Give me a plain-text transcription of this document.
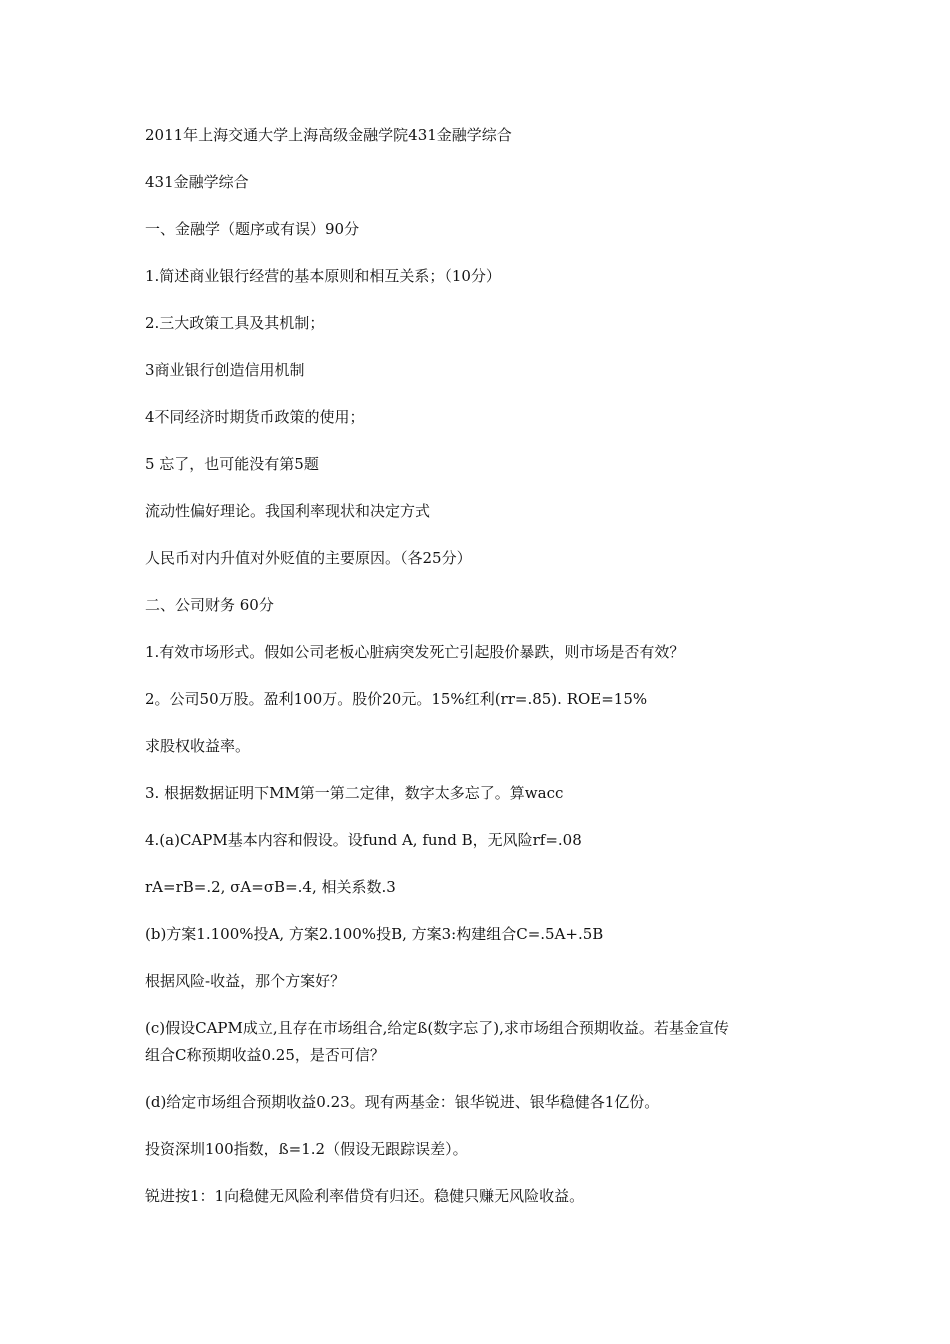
2011年上海交通大学上海高级金融学院431金融学综合

431金融学综合

一、金融学（题序或有误）90分

1.简述商业银行经营的基本原则和相互关系；（10分）

2.三大政策工具及其机制；

3商业银行创造信用机制

4不同经济时期货币政策的使用；

5 忘了，也可能没有第5题

流动性偏好理论。我国利率现状和决定方式

人民币对内升值对外贬值的主要原因。（各25分）

二、公司财务 60分

1.有效市场形式。假如公司老板心脏病突发死亡引起股价暴跌，则市场是否有效？

2。公司50万股。盈利100万。股价20元。15%红利(rr=.85). ROE=15%

求股权收益率。

3. 根据数据证明下MM第一第二定律，数字太多忘了。算wacc

4.(a)CAPM基本内容和假设。设fund A, fund B，无风险rf=.08

rA=rB=.2, σA=σB=.4, 相关系数.3

(b)方案1.100%投A, 方案2.100%投B, 方案3:构建组合C=.5A+.5B

根据风险-收益，那个方案好？

(c)假设CAPM成立,且存在市场组合,给定ß(数字忘了),求市场组合预期收益。若基金宣传

组合C称预期收益0.25，是否可信？

(d)给定市场组合预期收益0.23。现有两基金：银华锐进、银华稳健各1亿份。

投资深圳100指数，ß=1.2（假设无跟踪误差）。

锐进按1：1向稳健无风险利率借贷有归还。稳健只赚无风险收益。
